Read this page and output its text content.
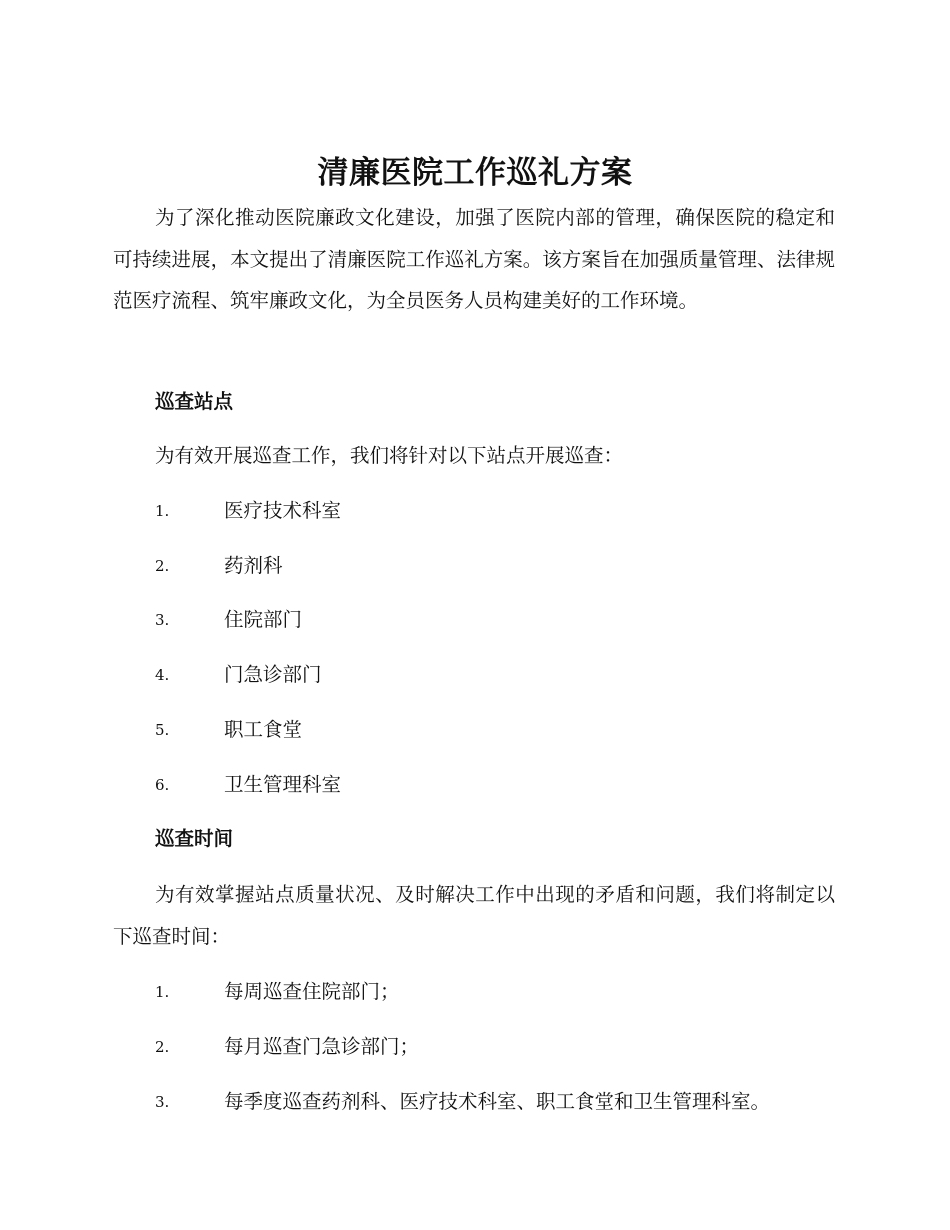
清廉医院工作巡礼方案

为了深化推动医院廉政文化建设，加强了医院内部的管理，确保医院的稳定和可持续进展，本文提出了清廉医院工作巡礼方案。该方案旨在加强质量管理、法律规范医疗流程、筑牢廉政文化，为全员医务人员构建美好的工作环境。

巡查站点
为有效开展巡查工作，我们将针对以下站点开展巡查：
1.	医疗技术科室
2.	药剂科
3.	住院部门
4.	门急诊部门
5.	职工食堂
6.	卫生管理科室
巡查时间

为有效掌握站点质量状况、及时解决工作中出现的矛盾和问题，我们将制定以下巡查时间：

1.	每周巡查住院部门；
2.	每月巡查门急诊部门；
3.	每季度巡查药剂科、医疗技术科室、职工食堂和卫生管理科室。
